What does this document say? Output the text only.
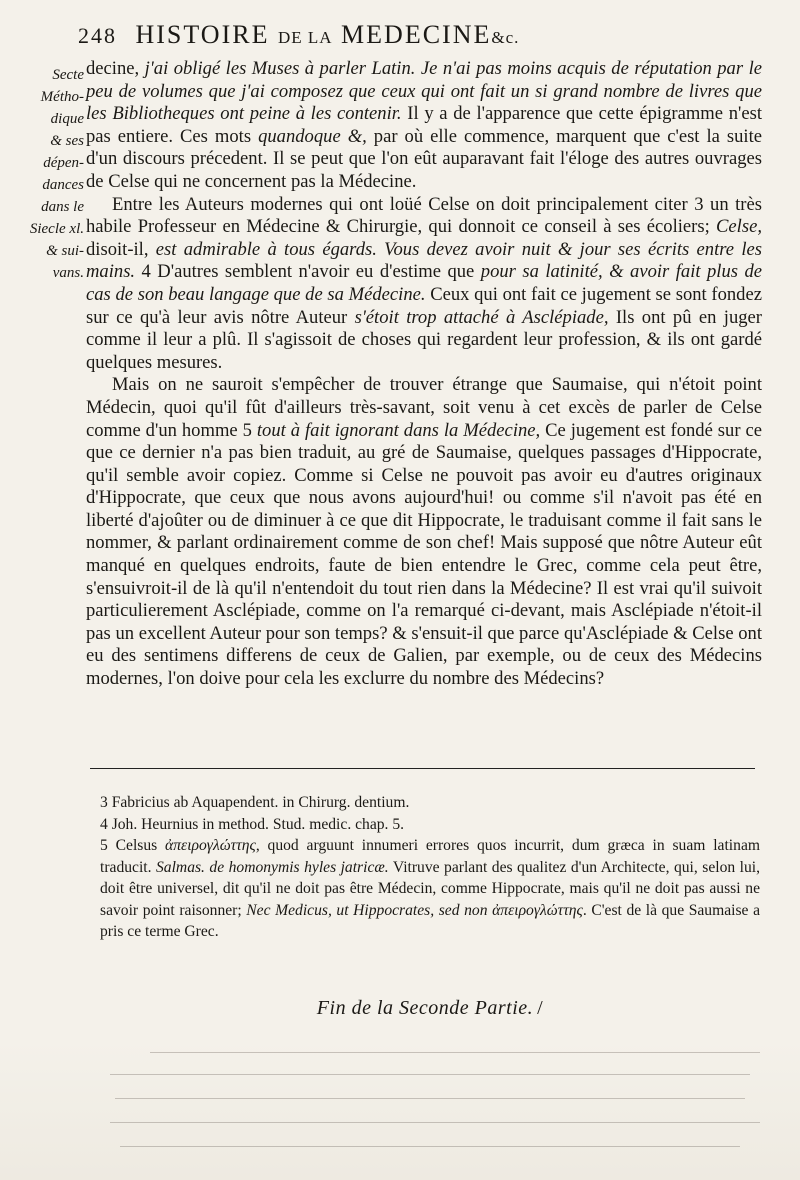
248 HISTOIRE DE LA MEDECINE&c.
Secte
Métho-
dique
& ses
dépen-
dances
dans le
Siecle xl.
& sui-
vans.

decine, j'ai obligé les Muses à parler Latin. Je n'ai pas moins acquis de réputation par le peu de volumes que j'ai composez que ceux qui ont fait un si grand nombre de livres que les Bibliotheques ont peine à les contenir. Il y a de l'apparence que cette épigramme n'est pas entiere. Ces mots quandoque &, par où elle commence, marquent que c'est la suite d'un discours précedent. Il se peut que l'on eût auparavant fait l'éloge des autres ouvrages de Celse qui ne concernent pas la Médecine.

Entre les Auteurs modernes qui ont loüé Celse on doit principalement citer 3 un très habile Professeur en Médecine & Chirurgie, qui donnoit ce conseil à ses écoliers; Celse, disoit-il, est admirable à tous égards. Vous devez avoir nuit & jour ses écrits entre les mains. 4 D'autres semblent n'avoir eu d'estime que pour sa latinité, & avoir fait plus de cas de son beau langage que de sa Médecine. Ceux qui ont fait ce jugement se sont fondez sur ce qu'à leur avis nôtre Auteur s'étoit trop attaché à Asclépiade, Ils ont pû en juger comme il leur a plû. Il s'agissoit de choses qui regardent leur profession, & ils ont gardé quelques mesures.

Mais on ne sauroit s'empêcher de trouver étrange que Saumaise, qui n'étoit point Médecin, quoi qu'il fût d'ailleurs très-savant, soit venu à cet excès de parler de Celse comme d'un homme 5 tout à fait ignorant dans la Médecine, Ce jugement est fondé sur ce que ce dernier n'a pas bien traduit, au gré de Saumaise, quelques passages d'Hippocrate, qu'il semble avoir copiez. Comme si Celse ne pouvoit pas avoir eu d'autres originaux d'Hippocrate, que ceux que nous avons aujourd'hui! ou comme s'il n'avoit pas été en liberté d'ajoûter ou de diminuer à ce que dit Hippocrate, le traduisant comme il fait sans le nommer, & parlant ordinairement comme de son chef! Mais supposé que nôtre Auteur eût manqué en quelques endroits, faute de bien entendre le Grec, comme cela peut être, s'ensuivroit-il de là qu'il n'entendoit du tout rien dans la Médecine? Il est vrai qu'il suivoit particulierement Asclépiade, comme on l'a remarqué ci-devant, mais Asclépiade n'étoit-il pas un excellent Auteur pour son temps? & s'ensuit-il que parce qu'Asclépiade & Celse ont eu des sentimens differens de ceux de Galien, par exemple, ou de ceux des Médecins modernes, l'on doive pour cela les exclurre du nombre des Médecins?

3 Fabricius ab Aquapendent. in Chirurg. dentium.

4 Joh. Heurnius in method. Stud. medic. chap. 5.

5 Celsus ἀπειρογλώττης, quod arguunt innumeri errores quos incurrit, dum græca in suam latinam traducit. Salmas. de homonymis hyles jatricæ. Vitruve parlant des qualitez d'un Architecte, qui, selon lui, doit être universel, dit qu'il ne doit pas être Médecin, comme Hippocrate, mais qu'il ne doit pas aussi ne savoir point raisonner; Nec Medicus, ut Hippocrates, sed non ἀπειρογλώττης. C'est de là que Saumaise a pris ce terme Grec.

Fin de la Seconde Partie. /
